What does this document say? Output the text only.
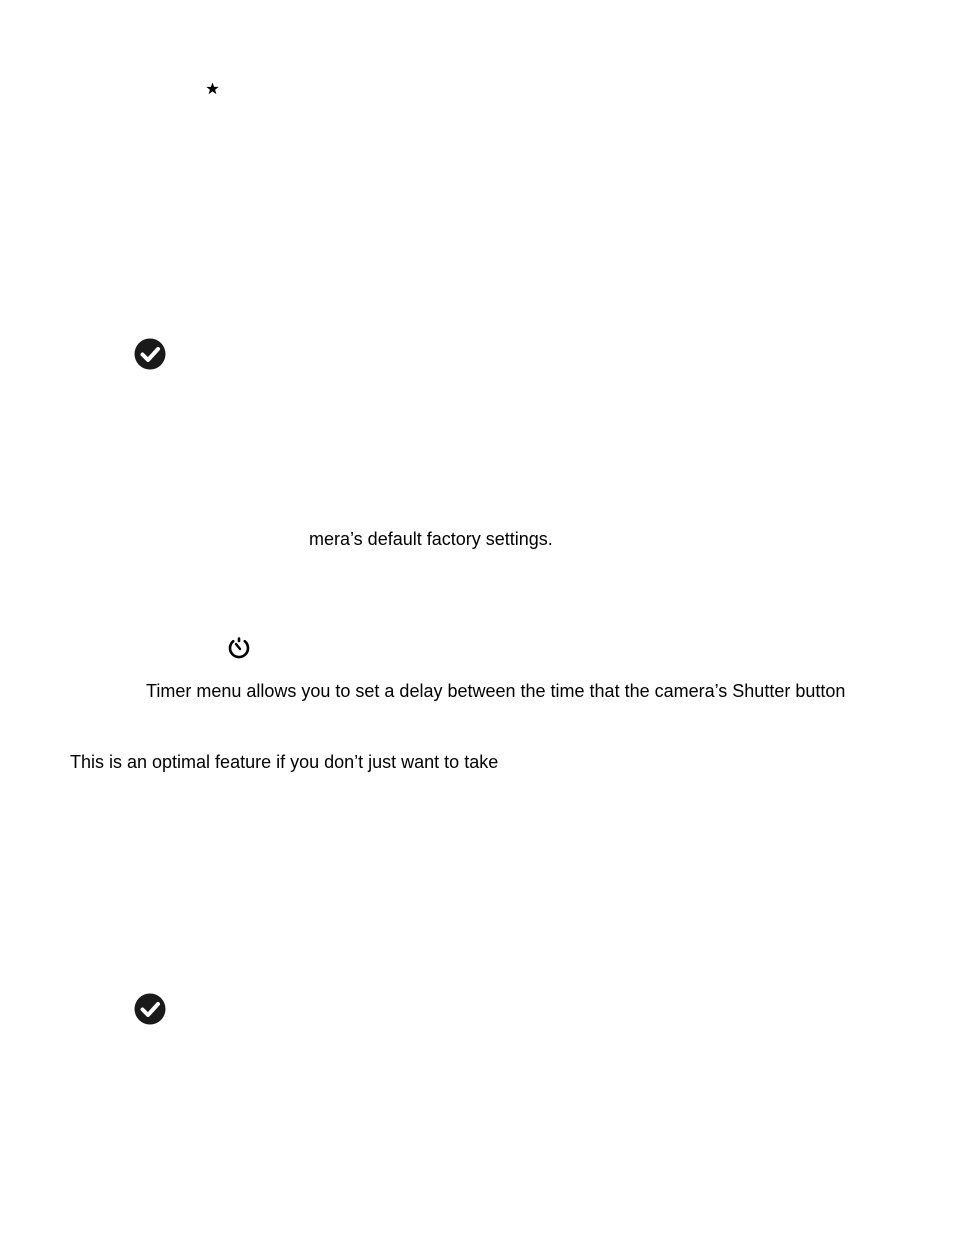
mera’s default factory settings.
Timer menu allows you to set a delay between the time that the camera’s Shutter button
This is an optimal feature if you don’t just want to take
